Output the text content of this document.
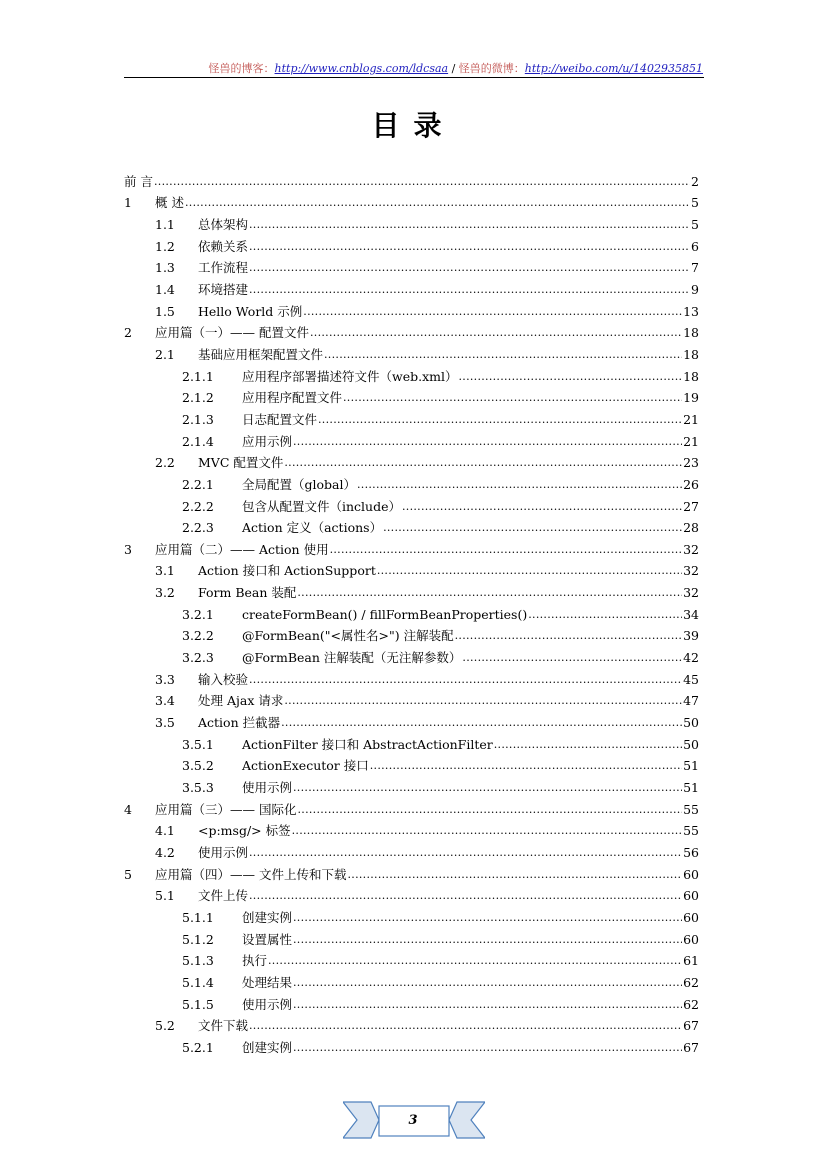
怪兽的博客：http://www.cnblogs.com/ldcsaa / 怪兽的微博：http://weibo.com/u/1402935851
目录
前 言 . . .	2
1	概 述 . . .	5
1.1	总体架构 . . .	5
1.2	依赖关系 . . .	6
1.3	工作流程 . . .	7
1.4	环境搭建 . . .	9
1.5	Hello World 示例 . . .	13
2	应用篇（一）—— 配置文件 . . .	18
2.1	基础应用框架配置文件 . . .	18
2.1.1	应用程序部署描述符文件（web.xml） . . .	18
2.1.2	应用程序配置文件 . . .	19
2.1.3	日志配置文件 . . .	21
2.1.4	应用示例 . . .	21
2.2	MVC 配置文件 . . .	23
2.2.1	全局配置（global） . . .	26
2.2.2	包含从配置文件（include） . . .	27
2.2.3	Action 定义（actions） . . .	28
3	应用篇（二）—— Action 使用 . . .	32
3.1	Action 接口和 ActionSupport . . .	32
3.2	Form Bean 装配 . . .	32
3.2.1	createFormBean() / fillFormBeanProperties() . . .	34
3.2.2	@FormBean("<属性名>") 注解装配 . . .	39
3.2.3	@FormBean 注解装配（无注解参数） . . .	42
3.3	输入校验 . . .	45
3.4	处理 Ajax 请求 . . .	47
3.5	Action 拦截器 . . .	50
3.5.1	ActionFilter 接口和 AbstractActionFilter . . .	50
3.5.2	ActionExecutor 接口 . . .	51
3.5.3	使用示例 . . .	51
4	应用篇（三）—— 国际化 . . .	55
4.1	<p:msg/> 标签 . . .	55
4.2	使用示例 . . .	56
5	应用篇（四）—— 文件上传和下载 . . .	60
5.1	文件上传 . . .	60
5.1.1	创建实例 . . .	60
5.1.2	设置属性 . . .	60
5.1.3	执行 . . .	61
5.1.4	处理结果 . . .	62
5.1.5	使用示例 . . .	62
5.2	文件下载 . . .	67
5.2.1	创建实例 . . .	67
3
